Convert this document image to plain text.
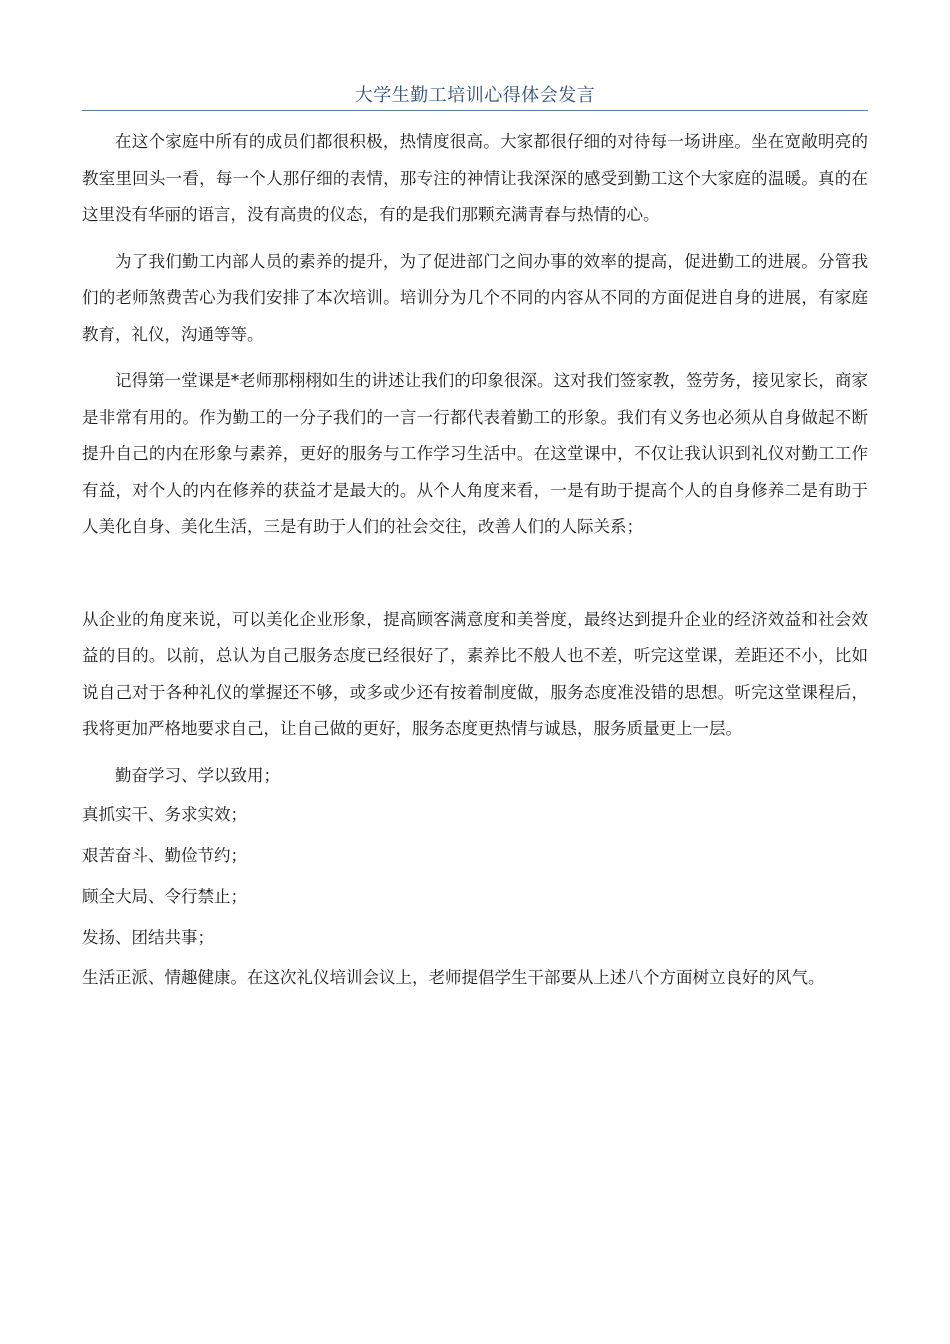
大学生勤工培训心得体会发言

在这个家庭中所有的成员们都很积极，热情度很高。大家都很仔细的对待每一场讲座。坐在宽敞明亮的教室里回头一看，每一个人那仔细的表情，那专注的神情让我深深的感受到勤工这个大家庭的温暖。真的在这里没有华丽的语言，没有高贵的仪态，有的是我们那颗充满青春与热情的心。

为了我们勤工内部人员的素养的提升，为了促进部门之间办事的效率的提高，促进勤工的进展。分管我们的老师煞费苦心为我们安排了本次培训。培训分为几个不同的内容从不同的方面促进自身的进展，有家庭教育，礼仪，沟通等等。

记得第一堂课是*老师那栩栩如生的讲述让我们的印象很深。这对我们签家教，签劳务，接见家长，商家是非常有用的。作为勤工的一分子我们的一言一行都代表着勤工的形象。我们有义务也必须从自身做起不断提升自己的内在形象与素养，更好的服务与工作学习生活中。在这堂课中，不仅让我认识到礼仪对勤工工作有益，对个人的内在修养的获益才是最大的。从个人角度来看，一是有助于提高个人的自身修养二是有助于人美化自身、美化生活，三是有助于人们的社会交往，改善人们的人际关系；

从企业的角度来说，可以美化企业形象，提高顾客满意度和美誉度，最终达到提升企业的经济效益和社会效益的目的。以前，总认为自己服务态度已经很好了，素养比不般人也不差，听完这堂课，差距还不小，比如说自己对于各种礼仪的掌握还不够，或多或少还有按着制度做，服务态度准没错的思想。听完这堂课程后，我将更加严格地要求自己，让自己做的更好，服务态度更热情与诚恳，服务质量更上一层。

勤奋学习、学以致用；

真抓实干、务求实效；

艰苦奋斗、勤俭节约；

顾全大局、令行禁止；

发扬、团结共事；

生活正派、情趣健康。在这次礼仪培训会议上，老师提倡学生干部要从上述八个方面树立良好的风气。
